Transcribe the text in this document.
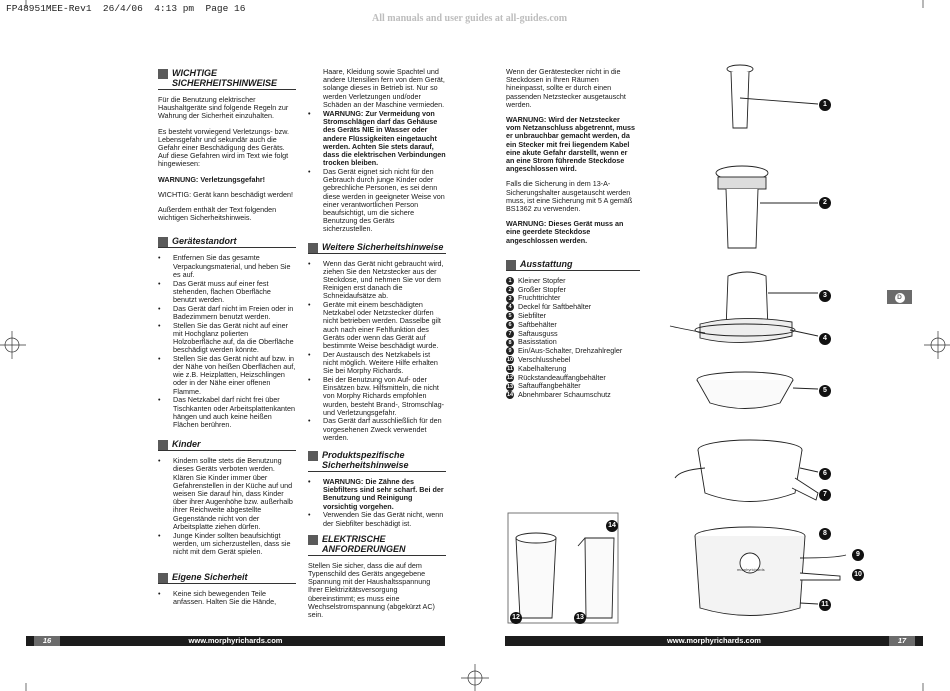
FP48951MEE-Rev1  26/4/06  4:13 pm  Page 16
All manuals and user guides at all-guides.com
WICHTIGE SICHERHEITSHINWEISE

Für die Benutzung elektrischer Haushaltgeräte sind folgende Regeln zur Wahrung der Sicherheit einzuhalten.

Es besteht vorwiegend Verletzungs- bzw. Lebensgefahr und sekundär auch die Gefahr einer Beschädigung des Geräts. Auf diese Gefahren wird im Text wie folgt hingewiesen:

WARNUNG: Verletzungsgefahr!

WICHTIG: Gerät kann beschädigt werden!

Außerdem enthält der Text folgenden wichtigen Sicherheitshinweis.

Gerätestandort
• Entfernen Sie das gesamte Verpackungsmaterial, und heben Sie es auf.
• Das Gerät muss auf einer fest stehenden, flachen Oberfläche benutzt werden.
• Das Gerät darf nicht im Freien oder in Badezimmern benutzt werden.
• Stellen Sie das Gerät nicht auf einer mit Hochglanz polierten Holzoberfläche auf, da die Oberfläche beschädigt werden könnte.
• Stellen Sie das Gerät nicht auf bzw. in der Nähe von heißen Oberflächen auf, wie z.B. Heizplatten, Heizschlingen oder in der Nähe einer offenen Flamme.
• Das Netzkabel darf nicht frei über Tischkanten oder Arbeitsplattenkanten hängen und auch keine heißen Flächen berühren.
Kinder
• Kindern sollte stets die Benutzung dieses Geräts verboten werden. Klären Sie Kinder immer über Gefahrenstellen in der Küche auf und weisen Sie darauf hin, dass Kinder über ihrer Augenhöhe bzw. außerhalb ihrer Reichweite abgestellte Gegenstände nicht von der Arbeitsplatte ziehen dürfen.
• Junge Kinder sollten beaufsichtigt werden, um sicherzustellen, dass sie nicht mit dem Gerät spielen.
Eigene Sicherheit
• Keine sich bewegenden Teile anfassen. Halten Sie die Hände,

Haare, Kleidung sowie Spachtel und andere Utensilien fern von dem Gerät, solange dieses in Betrieb ist. Nur so werden Verletzungen und/oder Schäden an der Maschine vermieden.

• WARNUNG: Zur Vermeidung von Stromschlägen darf das Gehäuse des Geräts NIE in Wasser oder andere Flüssigkeiten eingetaucht werden. Achten Sie stets darauf, dass die elektrischen Verbindungen trocken bleiben.
• Das Gerät eignet sich nicht für den Gebrauch durch junge Kinder oder gebrechliche Personen, es sei denn diese werden in geeigneter Weise von einer verantwortlichen Person beaufsichtigt, um die sichere Benutzung des Geräts sicherzustellen.
Weitere Sicherheitshinweise
• Wenn das Gerät nicht gebraucht wird, ziehen Sie den Netzstecker aus der Steckdose, und nehmen Sie vor dem Reinigen erst danach die Schneidaufsätze ab.
• Geräte mit einem beschädigten Netzkabel oder Netzstecker dürfen nicht betrieben werden. Dasselbe gilt auch nach einer Fehlfunktion des Geräts oder wenn das Gerät auf bestimmte Weise beschädigt wurde.
• Der Austausch des Netzkabels ist nicht möglich. Weitere Hilfe erhalten Sie bei Morphy Richards.
• Bei der Benutzung von Auf- oder Einsätzen bzw. Hilfsmitteln, die nicht von Morphy Richards empfohlen wurden, besteht Brand-, Stromschlag- und Verletzungsgefahr.
• Das Gerät darf ausschließlich für den vorgesehenen Zweck verwendet werden.
Produktspezifische Sicherheitshinweise
• WARNUNG: Die Zähne des Siebfilters sind sehr scharf. Bei der Benutzung und Reinigung vorsichtig vorgehen.
• Verwenden Sie das Gerät nicht, wenn der Siebfilter beschädigt ist.
ELEKTRISCHE ANFORDERUNGEN

Stellen Sie sicher, dass die auf dem Typenschild des Geräts angegebene Spannung mit der Haushaltsspannung Ihrer Elektrizitätsversorgung übereinstimmt; es muss eine Wechselstromspannung (abgekürzt AC) sein.

Wenn der Gerätestecker nicht in die Steckdosen in Ihren Räumen hineinpasst, sollte er durch einen passenden Netzstecker ausgetauscht werden.

WARNUNG: Wird der Netzstecker vom Netzanschluss abgetrennt, muss er unbrauchbar gemacht werden, da ein Stecker mit frei liegendem Kabel eine akute Gefahr darstellt, wenn er an eine Strom führende Steckdose angeschlossen wird.

Falls die Sicherung in dem 13-A-Sicherungshalter ausgetauscht werden muss, ist eine Sicherung mit 5 A gemäß BS1362 zu verwenden.

WARNUNG: Dieses Gerät muss an eine geerdete Steckdose angeschlossen werden.

Ausstattung
1 Kleiner Stopfer
2 Großer Stopfer
3 Fruchttrichter
4 Deckel für Saftbehälter
5 Siebfilter
6 Saftbehälter
7 Saftausguss
8 Basisstation
9 Ein/Aus-Schalter, Drehzahlregler
10 Verschlusshebel
11 Kabelhalterung
12 Rückstandeauffangbehälter
13 Saftauffangbehälter
14 Abnehmbarer Schaumschutz
D
1
2
3
4
5
6
7
8
9
10
11
12	13
14
morphyrichards
16	www.morphyrichards.com	17
www.morphyrichards.com
